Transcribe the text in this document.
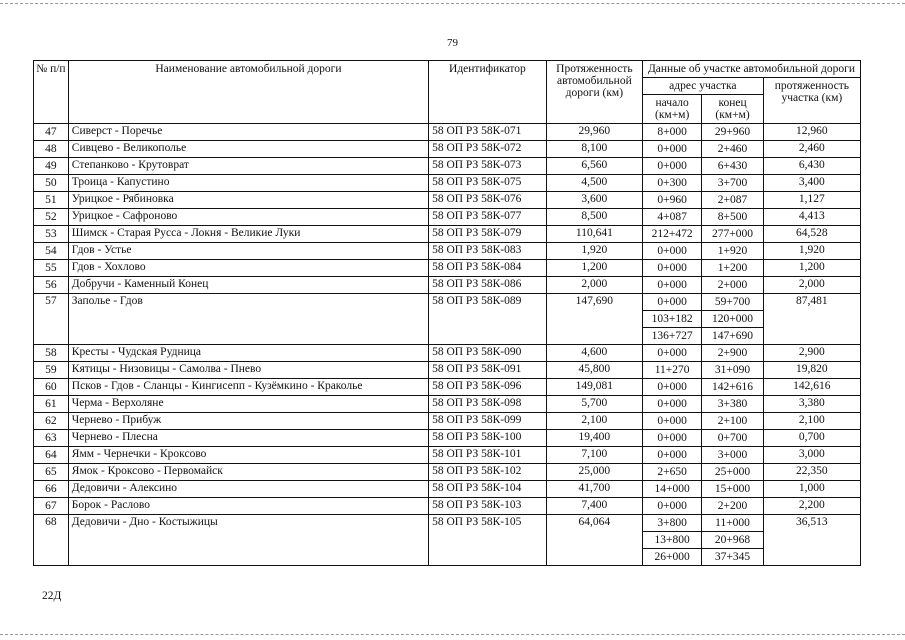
79
№ п/п	Наименование автомобильной дороги	Идентификатор	Протяженность автомобильной дороги (км)	Данные об участке автомобильной дороги		
				адрес участка		протяженность участка (км)
				начало (км+м)	конец (км+м)	
47	Сиверст - Поречье	58 ОП РЗ 58К-071	29,960	8+000	29+960	12,960
48	Сивцево - Великополье	58 ОП РЗ 58К-072	8,100	0+000	2+460	2,460
49	Степанково - Крутоврат	58 ОП РЗ 58К-073	6,560	0+000	6+430	6,430
50	Троица - Капустино	58 ОП РЗ 58К-075	4,500	0+300	3+700	3,400
51	Урицкое - Рябиновка	58 ОП РЗ 58К-076	3,600	0+960	2+087	1,127
52	Урицкое - Сафроново	58 ОП РЗ 58К-077	8,500	4+087	8+500	4,413
53	Шимск - Старая Русса - Локня - Великие Луки	58 ОП РЗ 58К-079	110,641	212+472	277+000	64,528
54	Гдов - Устье	58 ОП РЗ 58К-083	1,920	0+000	1+920	1,920
55	Гдов - Хохлово	58 ОП РЗ 58К-084	1,200	0+000	1+200	1,200
56	Добручи - Каменный Конец	58 ОП РЗ 58К-086	2,000	0+000	2+000	2,000
57	Заполье - Гдов	58 ОП РЗ 58К-089	147,690	0+000	59+700	87,481
				103+182	120+000	
				136+727	147+690	
58	Кресты - Чудская Рудница	58 ОП РЗ 58К-090	4,600	0+000	2+900	2,900
59	Кятицы - Низовицы - Самолва - Пнево	58 ОП РЗ 58К-091	45,800	11+270	31+090	19,820
60	Псков - Гдов - Сланцы - Кингисепп - Кузёмкино - Краколье	58 ОП РЗ 58К-096	149,081	0+000	142+616	142,616
61	Черма - Верхоляне	58 ОП РЗ 58К-098	5,700	0+000	3+380	3,380
62	Чернево - Прибуж	58 ОП РЗ 58К-099	2,100	0+000	2+100	2,100
63	Чернево - Плесна	58 ОП РЗ 58К-100	19,400	0+000	0+700	0,700
64	Ямм - Чернечки - Кроксово	58 ОП РЗ 58К-101	7,100	0+000	3+000	3,000
65	Ямок - Кроксово - Первомайск	58 ОП РЗ 58К-102	25,000	2+650	25+000	22,350
66	Дедовичи - Алексино	58 ОП РЗ 58К-104	41,700	14+000	15+000	1,000
67	Борок - Раслово	58 ОП РЗ 58К-103	7,400	0+000	2+200	2,200
68	Дедовичи - Дно - Костыжицы	58 ОП РЗ 58К-105	64,064	3+800	11+000	36,513
				13+800	20+968	
				26+000	37+345	
22Д
